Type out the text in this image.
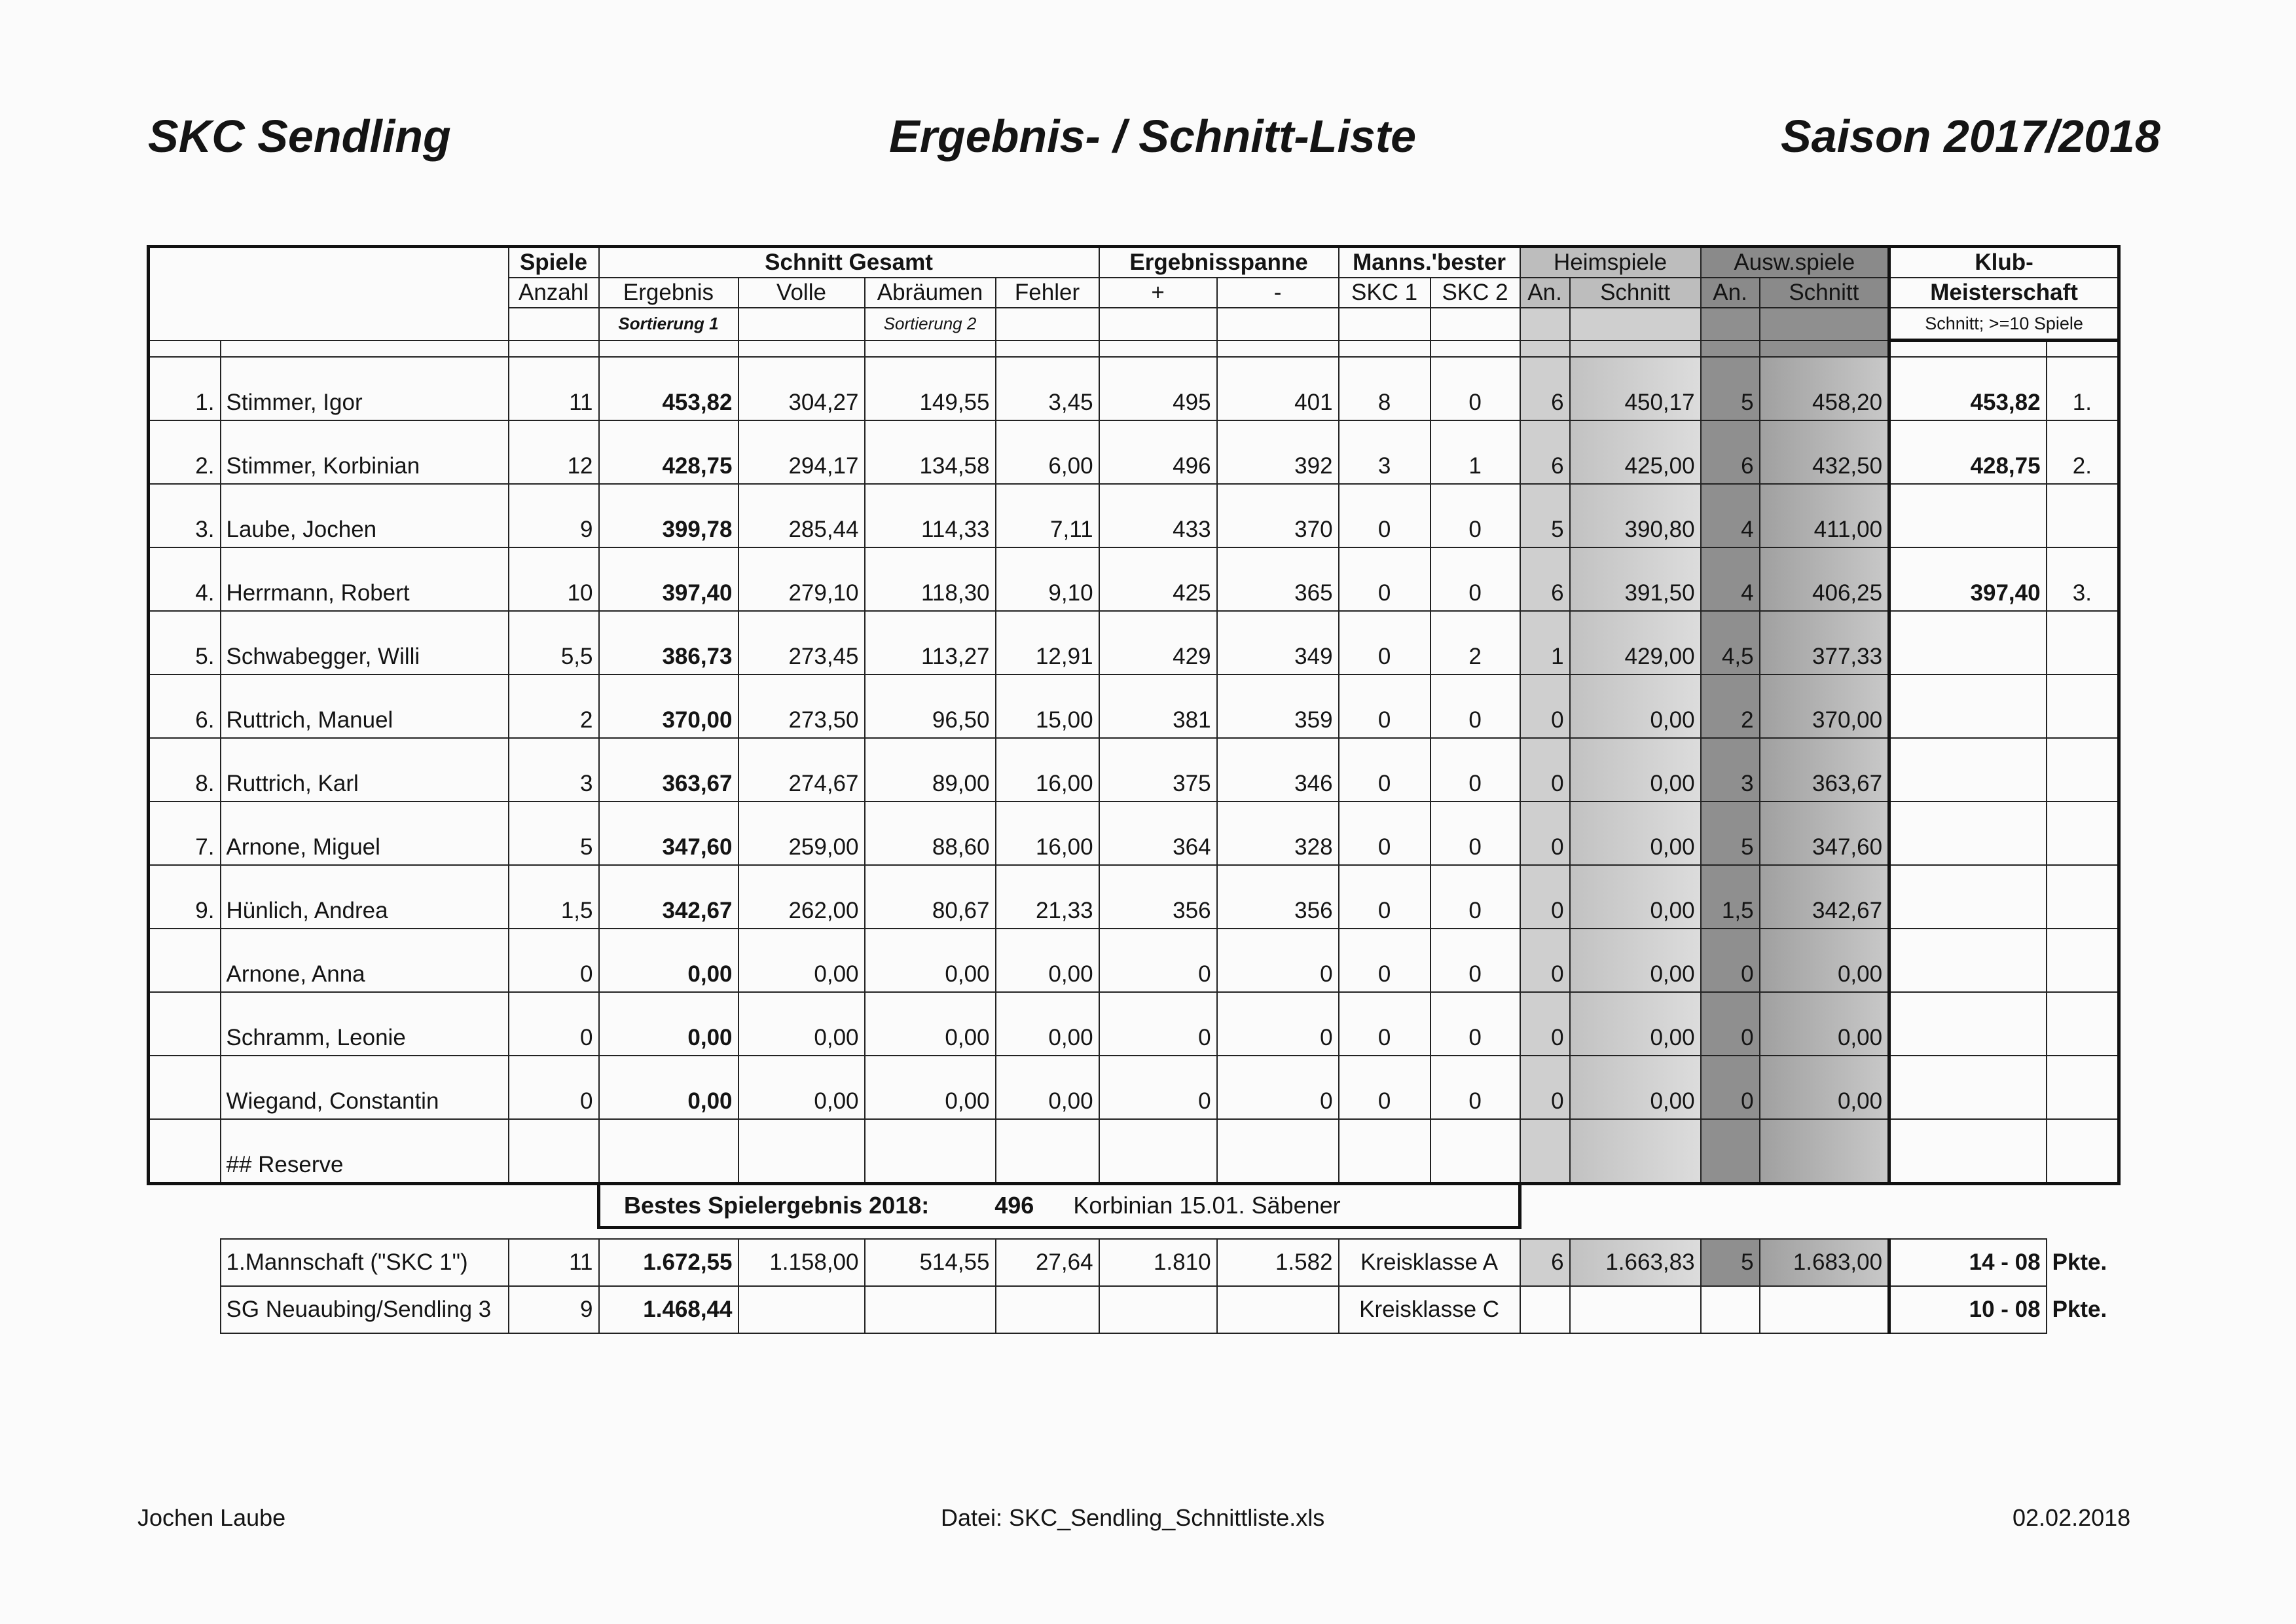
SKC Sendling	Ergebnis- / Schnitt-Liste	Saison 2017/2018
		Spiele	Schnitt Gesamt				Ergebnisspanne		Manns.'bester		Heimspiele		Ausw.spiele		Klub-	
		Anzahl	Ergebnis	Volle	Abräumen	Fehler	+	-	SKC 1	SKC 2	An.	Schnitt	An.	Schnitt	Meisterschaft	
			Sortierung 1		Sortierung 2										Schnitt; >=10 Spiele	

1.	Stimmer, Igor	11	453,82	304,27	149,55	3,45	495	401	8	0	6	450,17	5	458,20	453,82	1.
2.	Stimmer, Korbinian	12	428,75	294,17	134,58	6,00	496	392	3	1	6	425,00	6	432,50	428,75	2.
3.	Laube, Jochen	9	399,78	285,44	114,33	7,11	433	370	0	0	5	390,80	4	411,00		
4.	Herrmann, Robert	10	397,40	279,10	118,30	9,10	425	365	0	0	6	391,50	4	406,25	397,40	3.
5.	Schwabegger, Willi	5,5	386,73	273,45	113,27	12,91	429	349	0	2	1	429,00	4,5	377,33		
6.	Ruttrich, Manuel	2	370,00	273,50	96,50	15,00	381	359	0	0	0	0,00	2	370,00		
8.	Ruttrich, Karl	3	363,67	274,67	89,00	16,00	375	346	0	0	0	0,00	3	363,67		
7.	Arnone, Miguel	5	347,60	259,00	88,60	16,00	364	328	0	0	0	0,00	5	347,60		
9.	Hünlich, Andrea	1,5	342,67	262,00	80,67	21,33	356	356	0	0	0	0,00	1,5	342,67		
	Arnone, Anna	0	0,00	0,00	0,00	0,00	0	0	0	0	0	0,00	0	0,00		
	Schramm, Leonie	0	0,00	0,00	0,00	0,00	0	0	0	0	0	0,00	0	0,00		
	Wiegand, Constantin	0	0,00	0,00	0,00	0,00	0	0	0	0	0	0,00	0	0,00		
	## Reserve															
			Bestes Spielergebnis 2018: 496 Korbinian 15.01. Säbener													

	1.Mannschaft ("SKC 1")	11	1.672,55	1.158,00	514,55	27,64	1.810	1.582	Kreisklasse A		6	1.663,83	5	1.683,00	14 - 08	Pkte.
	SG Neuaubing/Sendling 3	9	1.468,44						Kreisklasse C						10 - 08	Pkte.
Jochen Laube	Datei: SKC_Sendling_Schnittliste.xls	02.02.2018
